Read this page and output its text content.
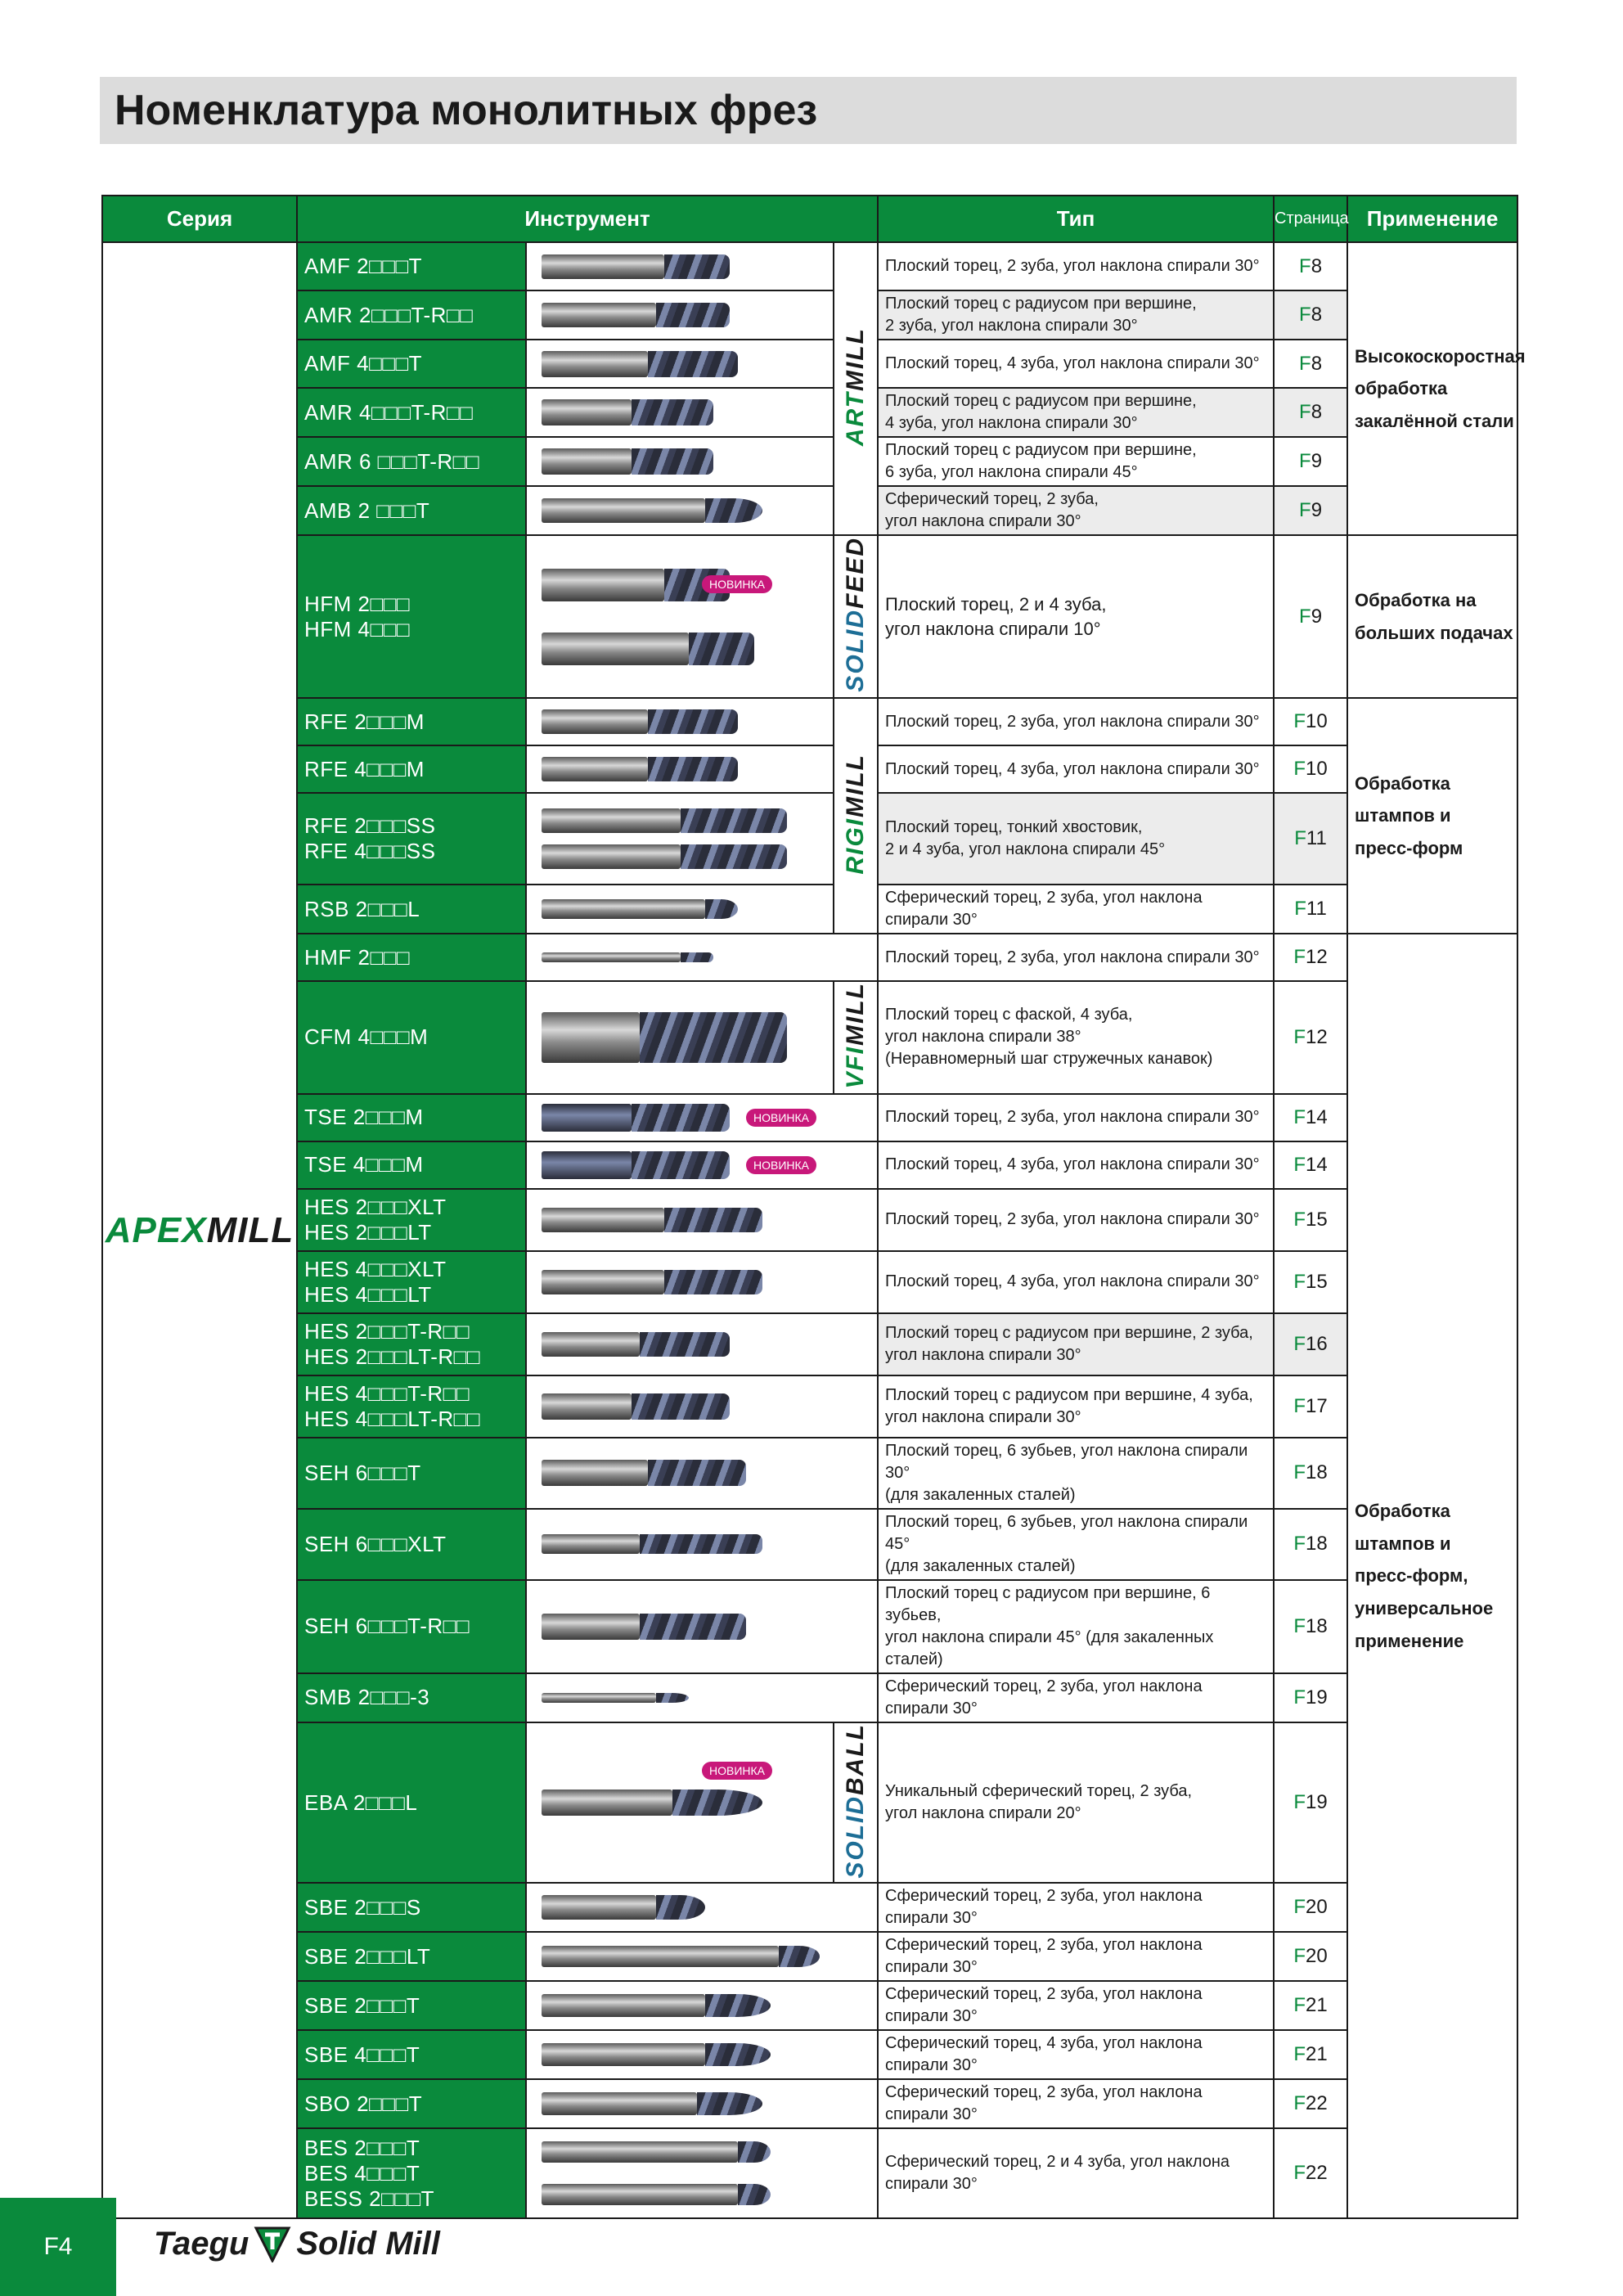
Номенклатура монолитных фрез
Серия	Инструмент			Тип	Страница	Применение
APEXMILL	AMF 2□□□T		ARTMILL	Плоский торец, 2 зуба, угол наклона спирали 30°	F8	Высокоскоростная
обработка
закалённой стали
	AMR 2□□□T-R□□			Плоский торец с радиусом при вершине,
2 зуба, угол наклона спирали 30°	F8	
	AMF 4□□□T			Плоский торец, 4 зуба, угол наклона спирали 30°	F8	
	AMR 4□□□T-R□□			Плоский торец с радиусом при вершине,
4 зуба, угол наклона спирали 30°	F8	
	AMR 6 □□□T-R□□			Плоский торец с радиусом при вершине,
6 зуба, угол наклона спирали 45°	F9	
	AMB 2 □□□T			Сферический торец, 2 зуба,
угол наклона спирали 30°	F9	
	HFM 2□□□
HFM 4□□□	НОВИНКА	SOLIDFEED	Плоский торец, 2 и 4 зуба,
угол наклона спирали 10°	F9	Обработка на
больших подачах
	RFE 2□□□M		RIGIMILL	Плоский торец, 2 зуба, угол наклона спирали 30°	F10	Обработка
штампов и
пресс-форм
	RFE 4□□□M			Плоский торец, 4 зуба, угол наклона спирали 30°	F10	
	RFE 2□□□SS
RFE 4□□□SS			Плоский торец, тонкий хвостовик,
2 и 4 зуба, угол наклона спирали 45°	F11	
	RSB 2□□□L			Сферический торец, 2 зуба, угол наклона спирали 30°	F11	
	HMF 2□□□			Плоский торец, 2 зуба, угол наклона спирали 30°	F12	Обработка
штампов и
пресс-форм,
универсальное
применение
	CFM 4□□□M		VFIMILL	Плоский торец с фаской, 4 зуба,
угол наклона спирали 38°
(Неравномерный шаг стружечных канавок)	F12	
	TSE 2□□□M	НОВИНКА		Плоский торец, 2 зуба, угол наклона спирали 30°	F14	
	TSE 4□□□M	НОВИНКА		Плоский торец, 4 зуба, угол наклона спирали 30°	F14	
	HES 2□□□XLT
HES 2□□□LT			Плоский торец, 2 зуба, угол наклона спирали 30°	F15	
	HES 4□□□XLT
HES 4□□□LT			Плоский торец, 4 зуба, угол наклона спирали 30°	F15	
	HES 2□□□T-R□□
HES 2□□□LT-R□□			Плоский торец с радиусом при вершине, 2 зуба,
угол наклона спирали 30°	F16	
	HES 4□□□T-R□□
HES 4□□□LT-R□□			Плоский торец с радиусом при вершине, 4 зуба,
угол наклона спирали 30°	F17	
	SEH 6□□□T			Плоский торец, 6 зубьев, угол наклона спирали 30°
(для закаленных сталей)	F18	
	SEH 6□□□XLT			Плоский торец, 6 зубьев, угол наклона спирали 45°
(для закаленных сталей)	F18	
	SEH 6□□□T-R□□			Плоский торец с радиусом при вершине, 6 зубьев,
угол наклона спирали 45° (для закаленных сталей)	F18	
	SMB 2□□□-3			Сферический торец, 2 зуба, угол наклона спирали 30°	F19	
	EBA 2□□□L	НОВИНКА	SOLIDBALL	Уникальный сферический торец, 2 зуба,
угол наклона спирали 20°	F19	
	SBE 2□□□S			Сферический торец, 2 зуба, угол наклона спирали 30°	F20	
	SBE 2□□□LT			Сферический торец, 2 зуба, угол наклона спирали 30°	F20	
	SBE 2□□□T			Сферический торец, 2 зуба, угол наклона спирали 30°	F21	
	SBE 4□□□T			Сферический торец, 4 зуба, угол наклона спирали 30°	F21	
	SBO 2□□□T			Сферический торец, 2 зуба, угол наклона спирали 30°	F22	
	BES 2□□□T
BES 4□□□T
BESS 2□□□T			Сферический торец, 2 и 4 зуба, угол наклона спирали 30°	F22	
F4	Taegu Solid Mill
